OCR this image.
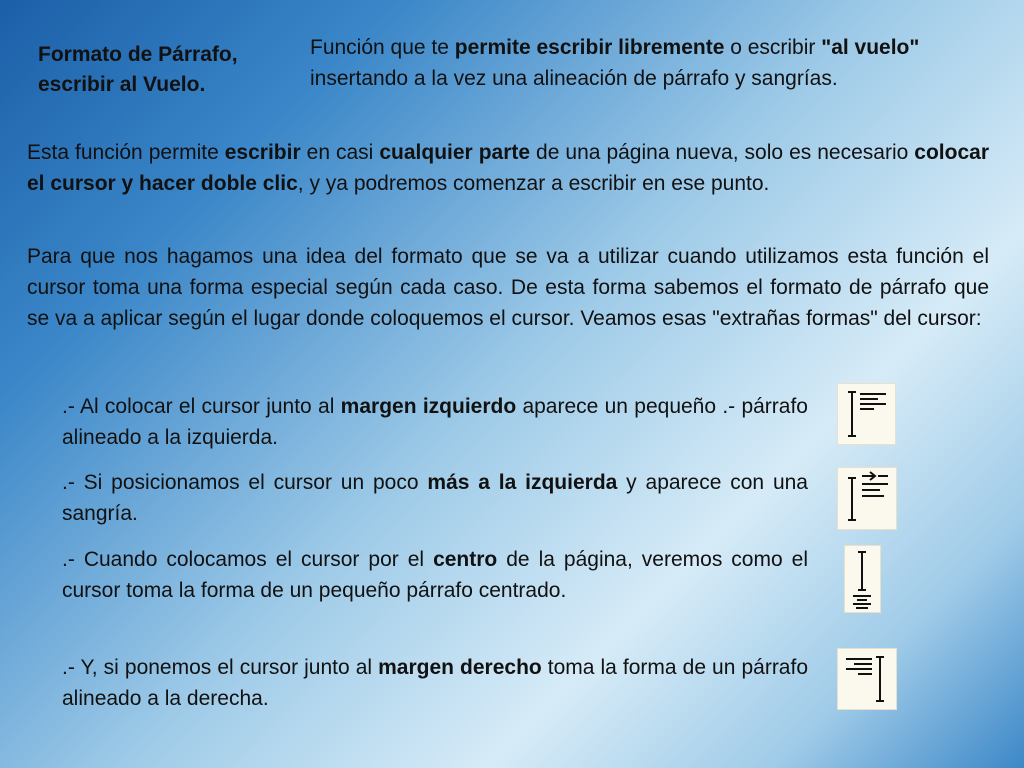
Formato de Párrafo,
escribir al Vuelo.
Función que te permite escribir libremente o escribir "al vuelo" insertando a la vez una alineación de párrafo y sangrías.
Esta función permite escribir en casi cualquier parte de una página nueva, solo es necesario colocar el cursor y hacer doble clic, y ya podremos comenzar a escribir en ese punto.
Para que nos hagamos una idea del formato que se va a utilizar cuando utilizamos esta función el cursor toma una forma especial según cada caso. De esta forma sabemos el formato de párrafo que se va a aplicar según el lugar donde coloquemos el cursor. Veamos esas "extrañas formas" del cursor:
.- Al colocar el cursor junto al margen izquierdo aparece un pequeño .- párrafo alineado a la izquierda.
.- Si posicionamos el cursor un poco más a la izquierda y aparece con una sangría.
.- Cuando colocamos el cursor por el centro de la página, veremos como el cursor toma la forma de un pequeño párrafo centrado.
.- Y, si ponemos el cursor junto al margen derecho toma la forma de un párrafo alineado a la derecha.
